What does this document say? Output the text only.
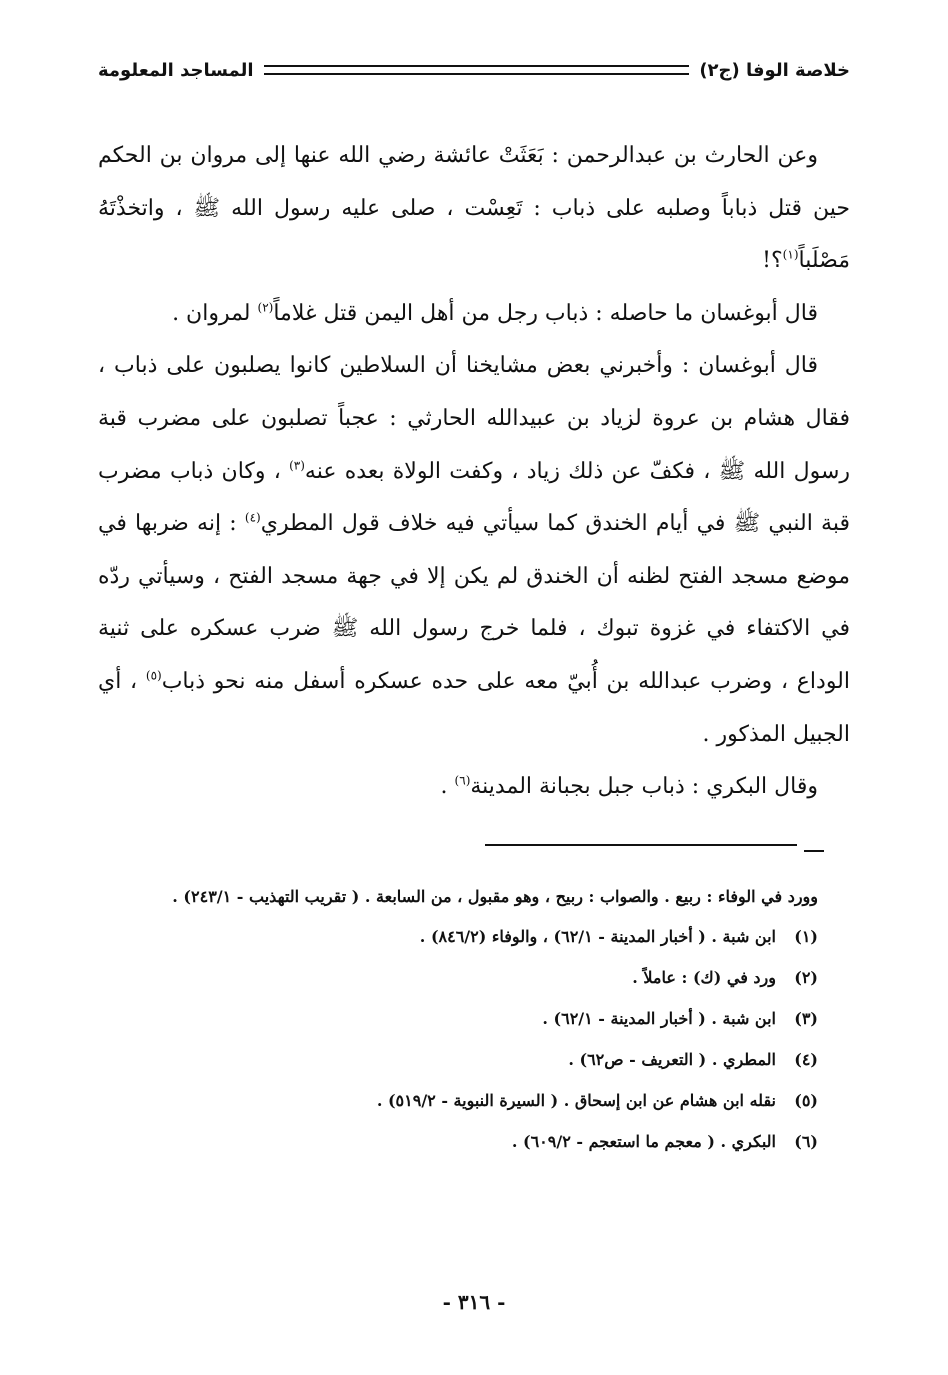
خلاصة الوفا (ج٢)
المساجد المعلومة

وعن الحارث بن عبدالرحمن : بَعَثَتْ عائشة رضي الله عنها إلى مروان بن الحكم حين قتل ذباباً وصلبه على ذباب : تَعِسْت ، صلى عليه رسول الله ﷺ ، واتخذْتَهُ مَصْلَباً$^{(١)}$؟!

قال أبوغسان ما حاصله : ذباب رجل من أهل اليمن قتل غلاماً$^{(٢)}$ لمروان .

قال أبوغسان : وأخبرني بعض مشايخنا أن السلاطين كانوا يصلبون على ذباب ، فقال هشام بن عروة لزياد بن عبيدالله الحارثي : عجباً تصلبون على مضرب قبة رسول الله ﷺ ، فكفّ عن ذلك زياد ، وكفت الولاة بعده عنه$^{(٣)}$ ، وكان ذباب مضرب قبة النبي ﷺ في أيام الخندق كما سيأتي فيه خلاف قول المطري$^{(٤)}$ : إنه ضربها في موضع مسجد الفتح لظنه أن الخندق لم يكن إلا في جهة مسجد الفتح ، وسيأتي ردّه في الاكتفاء في غزوة تبوك ، فلما خرج رسول الله ﷺ ضرب عسكره على ثنية الوداع ، وضرب عبدالله بن أُبيّ معه على حده عسكره أسفل منه نحو ذباب$^{(٥)}$ ، أي الجبيل المذكور .

وقال البكري : ذباب جبل بجبانة المدينة$^{(٦)}$ .

وورد في الوفاء : ربيع . والصواب : ربيح ، وهو مقبول ، من السابعة . ( تقريب التهذيب - ٢٤٣/١) .

(١)
ابن شبة . ( أخبار المدينة - ٦٢/١) ، والوفاء (٨٤٦/٢) .
(٢)
ورد في (ك) : عاملاً .
(٣)
ابن شبة . ( أخبار المدينة - ٦٢/١) .
(٤)
المطري . ( التعريف - ص٦٢) .
(٥)
نقله ابن هشام عن ابن إسحاق . ( السيرة النبوية - ٥١٩/٢) .
(٦)
البكري . ( معجم ما استعجم - ٦٠٩/٢) .
- ٣١٦ -
